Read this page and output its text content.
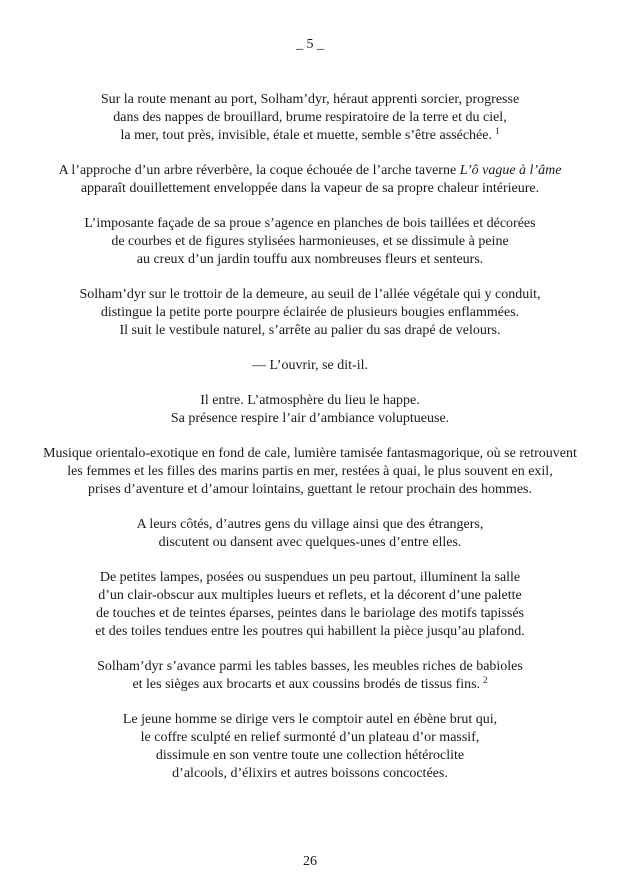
_ 5 _

Sur la route menant au port, Solham’dyr, héraut apprenti sorcier, progresse
dans des nappes de brouillard, brume respiratoire de la terre et du ciel,
la mer, tout près, invisible, étale et muette, semble s’être asséchée. $^1$

A l’approche d’un arbre réverbère, la coque échouée de l’arche taverne L’ô vague à l’âme
apparaît douillettement enveloppée dans la vapeur de sa propre chaleur intérieure.

L’imposante façade de sa proue s’agence en planches de bois taillées et décorées
de courbes et de figures stylisées harmonieuses, et se dissimule à peine
au creux d’un jardin touffu aux nombreuses fleurs et senteurs.

Solham’dyr sur le trottoir de la demeure, au seuil de l’allée végétale qui y conduit,
distingue la petite porte pourpre éclairée de plusieurs bougies enflammées.
Il suit le vestibule naturel, s’arrête au palier du sas drapé de velours.

— L’ouvrir, se dit-il.

Il entre. L’atmosphère du lieu le happe.
Sa présence respire l’air d’ambiance voluptueuse.

Musique orientalo-exotique en fond de cale, lumière tamisée fantasmagorique, où se retrouvent
les femmes et les filles des marins partis en mer, restées à quai, le plus souvent en exil,
prises d’aventure et d’amour lointains, guettant le retour prochain des hommes.

A leurs côtés, d’autres gens du village ainsi que des étrangers,
discutent ou dansent avec quelques-unes d’entre elles.

De petites lampes, posées ou suspendues un peu partout, illuminent la salle
d’un clair-obscur aux multiples lueurs et reflets, et la décorent d’une palette
de touches et de teintes éparses, peintes dans le bariolage des motifs tapissés
et des toiles tendues entre les poutres qui habillent la pièce jusqu’au plafond.

Solham’dyr s’avance parmi les tables basses, les meubles riches de babioles
et les sièges aux brocarts et aux coussins brodés de tissus fins. $^2$

Le jeune homme se dirige vers le comptoir autel en ébène brut qui,
le coffre sculpté en relief surmonté d’un plateau d’or massif,
dissimule en son ventre toute une collection hétéroclite
d’alcools, d’élixirs et autres boissons concoctées.

26
